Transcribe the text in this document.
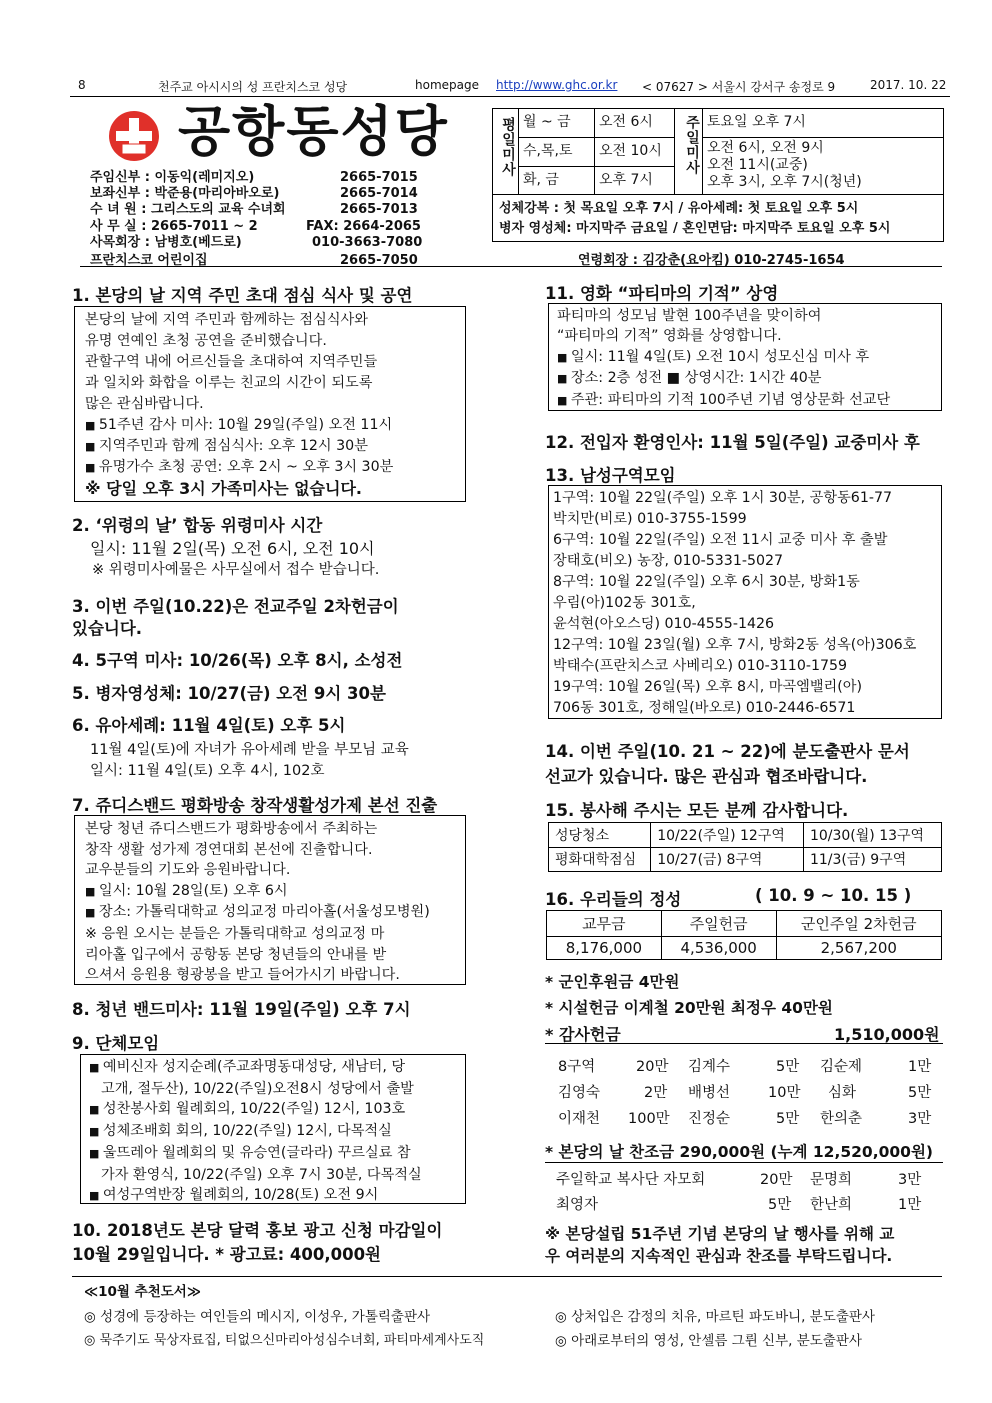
8	천주교 아시시의 성 프란치스코 성당	homepage http://www.ghc.or.kr < 07627 > 서울시 강서구 송정로 9	2017. 10. 22
공항동성당
주임신부 : 이동익(레미지오)	2665-7015
보좌신부 : 박준용(마리아바오로)	2665-7014
수 녀 원 : 그리스도의 교육 수녀회	2665-7013
사 무 실 : 2665-7011 ~ 2	FAX: 2664-2065
사목회장 : 남병호(베드로)	010-3663-7080
프란치스코 어린이집	2665-7050	연령회장 : 김강춘(요아킴) 010-2745-1654
평일미사 월 ~ 금	오전 6시
수,목,토	오전 10시
화, 금	오후 7시
주일미사 토요일 오후 7시
오전 6시, 오전 9시
오전 11시(교중)
오후 3시, 오후 7시(청년)
성체강복 : 첫 목요일 오후 7시 / 유아세례: 첫 토요일 오후 5시
병자 영성체: 마지막주 금요일 / 혼인면담: 마지막주 토요일 오후 5시
1. 본당의 날 지역 주민 초대 점심 식사 및 공연
본당의 날에 지역 주민과 함께하는 점심식사와
유명 연예인 초청 공연을 준비했습니다.
관할구역 내에 어르신들을 초대하여 지역주민들
과 일치와 화합을 이루는 친교의 시간이 되도록
많은 관심바랍니다.
■ 51주년 감사 미사: 10월 29일(주일) 오전 11시
■ 지역주민과 함께 점심식사: 오후 12시 30분
■ 유명가수 초청 공연: 오후 2시 ~ 오후 3시 30분
※ 당일 오후 3시 가족미사는 없습니다.
2. ‘위령의 날’ 합동 위령미사 시간
일시: 11월 2일(목) 오전 6시, 오전 10시
※ 위령미사예물은 사무실에서 접수 받습니다.
3. 이번 주일(10.22)은 전교주일 2차헌금이
있습니다.
4. 5구역 미사: 10/26(목) 오후 8시, 소성전
5. 병자영성체: 10/27(금) 오전 9시 30분
6. 유아세례: 11월 4일(토) 오후 5시
11월 4일(토)에 자녀가 유아세례 받을 부모님 교육
일시: 11월 4일(토) 오후 4시, 102호
7. 쥬디스밴드 평화방송 창작생활성가제 본선 진출
본당 청년 쥬디스밴드가 평화방송에서 주최하는
창작 생활 성가제 경연대회 본선에 진출합니다.
교우분들의 기도와 응원바랍니다.
■ 일시: 10월 28일(토) 오후 6시
■ 장소: 가톨릭대학교 성의교정 마리아홀(서울성모병원)
※ 응원 오시는 분들은 가톨릭대학교 성의교정 마
리아홀 입구에서 공항동 본당 청년들의 안내를 받
으셔서 응원용 형광봉을 받고 들어가시기 바랍니다.
8. 청년 밴드미사: 11월 19일(주일) 오후 7시
9. 단체모임
■ 예비신자 성지순례(주교좌명동대성당, 새남터, 당
고개, 절두산), 10/22(주일)오전8시 성당에서 출발
■ 성찬봉사회 월례회의, 10/22(주일) 12시, 103호
■ 성체조배회 회의, 10/22(주일) 12시, 다목적실
■ 울뜨레아 월례회의 및 유승연(글라라) 꾸르실료 참
가자 환영식, 10/22(주일) 오후 7시 30분, 다목적실
■ 여성구역반장 월례회의, 10/28(토) 오전 9시
10. 2018년도 본당 달력 홍보 광고 신청 마감일이
10월 29일입니다. * 광고료: 400,000원
11. 영화 “파티마의 기적” 상영
파티마의 성모님 발현 100주년을 맞이하여
“파티마의 기적” 영화를 상영합니다.
■ 일시: 11월 4일(토) 오전 10시 성모신심 미사 후
■ 장소: 2층 성전 ■ 상영시간: 1시간 40분
■ 주관: 파티마의 기적 100주년 기념 영상문화 선교단
12. 전입자 환영인사: 11월 5일(주일) 교중미사 후
13. 남성구역모임
1구역: 10월 22일(주일) 오후 1시 30분, 공항동61-77
박치만(비로) 010-3755-1599
6구역: 10월 22일(주일) 오전 11시 교중 미사 후 출발
장태호(비오) 농장, 010-5331-5027
8구역: 10월 22일(주일) 오후 6시 30분, 방화1동
우림(아)102동 301호,
윤석현(아오스딩) 010-4555-1426
12구역: 10월 23일(월) 오후 7시, 방화2동 성옥(아)306호
박태수(프란치스코 사베리오) 010-3110-1759
19구역: 10월 26일(목) 오후 8시, 마곡엠밸리(아)
706동 301호, 정해일(바오로) 010-2446-6571
14. 이번 주일(10. 21 ~ 22)에 분도출판사 문서
선교가 있습니다. 많은 관심과 협조바랍니다.
15. 봉사해 주시는 모든 분께 감사합니다.
성당청소	10/22(주일) 12구역	10/30(월) 13구역
평화대학점심	10/27(금) 8구역	11/3(금) 9구역
16. 우리들의 정성	( 10. 9 ~ 10. 15 )
교무금	주일헌금	군인주일 2차헌금
8,176,000	4,536,000	2,567,200
* 군인후원금 4만원
* 시설헌금 이계철 20만원 최정우 40만원
* 감사헌금	1,510,000원
8구역	20만 김계수	5만 김순제	1만
김영숙	2만 배병선	10만 심화	5만
이재천 100만 진정순	5만 한의춘	3만
* 본당의 날 찬조금 290,000원 (누계 12,520,000원)
주일학교 복사단 자모회	20만 문명희	3만
최영자	5만 한난희	1만
※ 본당설립 51주년 기념 본당의 날 행사를 위해 교
우 여러분의 지속적인 관심과 찬조를 부탁드립니다.
≪10월 추천도서≫
◎ 성경에 등장하는 여인들의 메시지, 이성우, 가톨릭출판사	◎ 상처입은 감정의 치유, 마르틴 파도바니, 분도출판사
◎ 묵주기도 묵상자료집, 티없으신마리아성심수녀회, 파티마세계사도직	◎ 아래로부터의 영성, 안셀름 그륀 신부, 분도출판사
